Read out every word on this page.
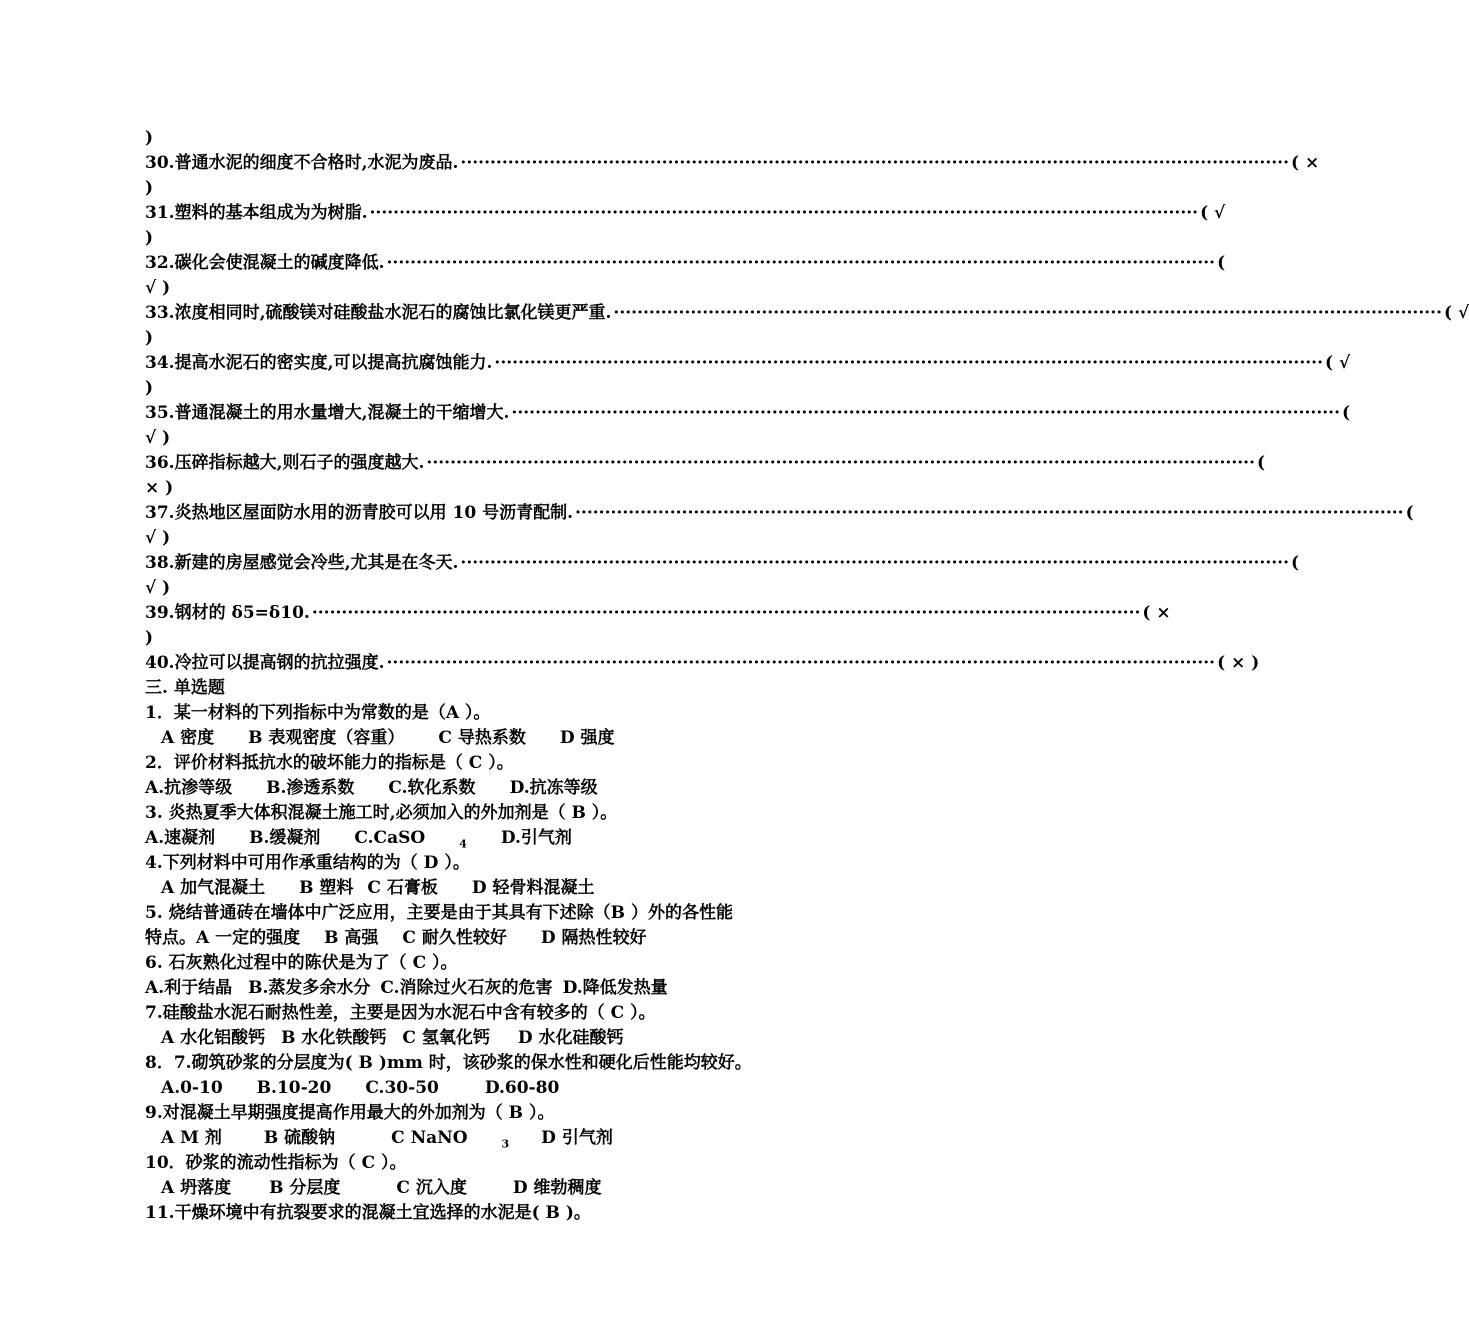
)
30.普通水泥的细度不合格时,水泥为废品. ············································································································································ ( ×
)
31.塑料的基本组成为为树脂. ············································································································································ ( √
)
32.碳化会使混凝土的碱度降低. ············································································································································ (
√ )
33.浓度相同时,硫酸镁对硅酸盐水泥石的腐蚀比氯化镁更严重. ············································································································································ ( √
)
34.提高水泥石的密实度,可以提高抗腐蚀能力. ············································································································································ ( √
)
35.普通混凝土的用水量增大,混凝土的干缩增大. ············································································································································ (
√ )
36.压碎指标越大,则石子的强度越大. ············································································································································ (
× )
37.炎热地区屋面防水用的沥青胶可以用 10 号沥青配制. ············································································································································ (
√ )
38.新建的房屋感觉会冷些,尤其是在冬天. ············································································································································ (
√ )
39.钢材的 δ5=δ10. ············································································································································ ( ×
)
40.冷拉可以提高钢的抗拉强度. ············································································································································ ( × )
三. 单选题
1．某一材料的下列指标中为常数的是（A ）。
A 密度 B 表观密度（容重） C 导热系数 D 强度
2．评价材料抵抗水的破坏能力的指标是（ C ）。
A.抗渗等级 B.渗透系数 C.软化系数 D.抗冻等级
3. 炎热夏季大体积混凝土施工时,必须加入的外加剂是（ B ）。
A.速凝剂 B.缓凝剂 C.CaSO	$_4$ D.引气剂
4.下列材料中可用作承重结构的为（ D ）。
A 加气混凝土 B 塑料 C 石膏板 D 轻骨料混凝土
5. 烧结普通砖在墙体中广泛应用，主要是由于其具有下述除（B ）外的各性能
特点。A 一定的强度 B 高强 C 耐久性较好 D 隔热性较好
6. 石灰熟化过程中的陈伏是为了（ C ）。
A.利于结晶 B.蒸发多余水分 C.消除过火石灰的危害 D.降低发热量
7.硅酸盐水泥石耐热性差，主要是因为水泥石中含有较多的（ C ）。
A 水化铝酸钙 B 水化铁酸钙 C 氢氧化钙 D 水化硅酸钙
8．7.砌筑砂浆的分层度为( B )mm 时，该砂浆的保水性和硬化后性能均较好。
A.0-10 B.10-20 C.30-50	D.60-80
9.对混凝土早期强度提高作用最大的外加剂为（ B ）。
A M 剂 B 硫酸钠	C NaNO	$_3$ D 引气剂
10．砂浆的流动性指标为（ C ）。
A 坍落度 B 分层度	C 沉入度	D 维勃稠度
11.干燥环境中有抗裂要求的混凝土宜选择的水泥是( B )。
